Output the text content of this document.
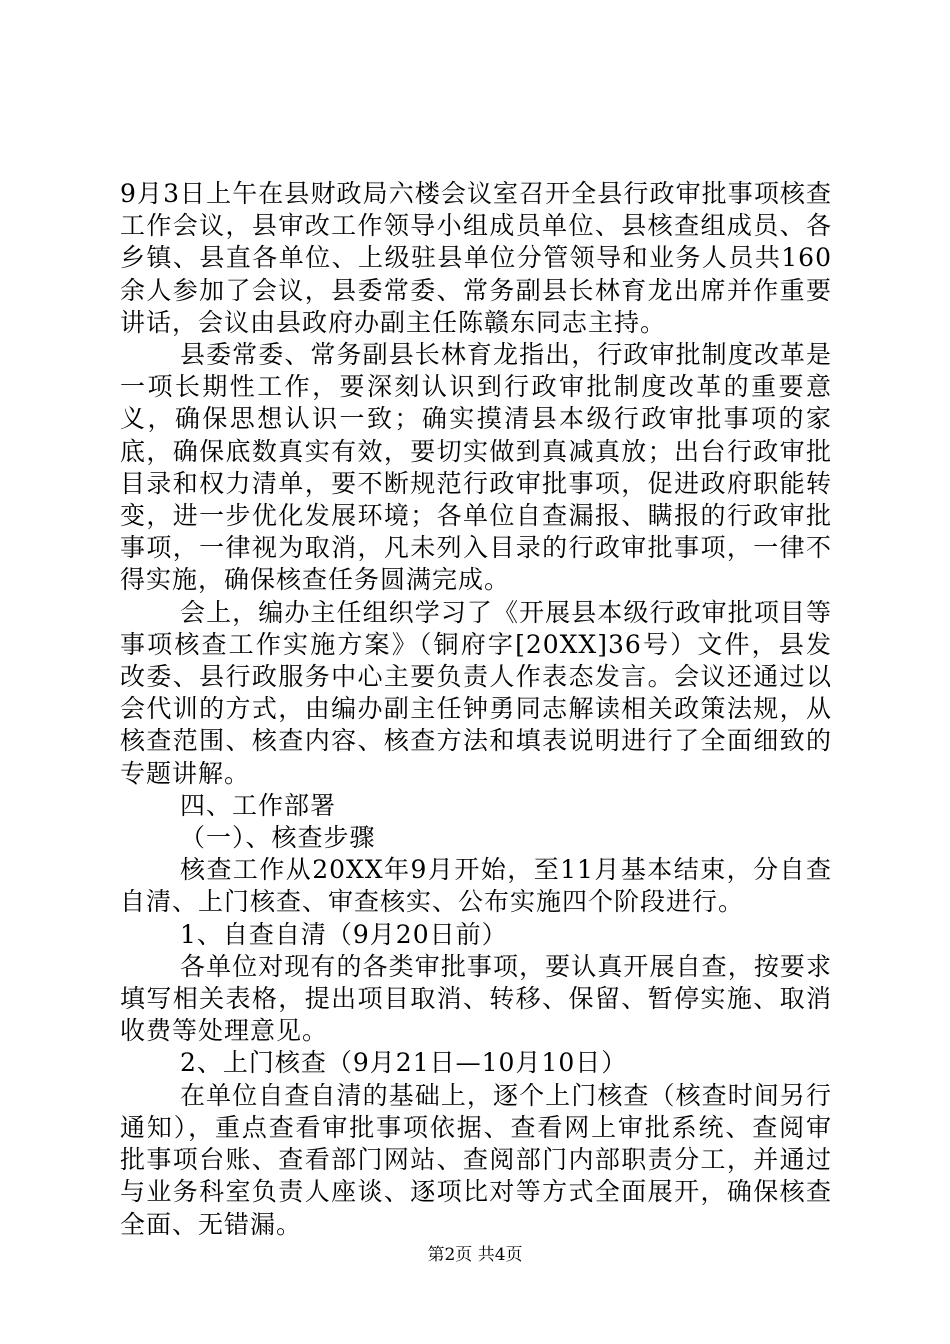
9月3日上午在县财政局六楼会议室召开全县行政审批事项核查工作会议，县审改工作领导小组成员单位、县核查组成员、各乡镇、县直各单位、上级驻县单位分管领导和业务人员共160余人参加了会议，县委常委、常务副县长林育龙出席并作重要讲话，会议由县政府办副主任陈赣东同志主持。

县委常委、常务副县长林育龙指出，行政审批制度改革是一项长期性工作，要深刻认识到行政审批制度改革的重要意义，确保思想认识一致；确实摸清县本级行政审批事项的家底，确保底数真实有效，要切实做到真减真放；出台行政审批目录和权力清单，要不断规范行政审批事项，促进政府职能转变，进一步优化发展环境；各单位自查漏报、瞒报的行政审批事项，一律视为取消，凡未列入目录的行政审批事项，一律不得实施，确保核查任务圆满完成。

会上，编办主任组织学习了《开展县本级行政审批项目等事项核查工作实施方案》（铜府字[20XX]36号）文件，县发改委、县行政服务中心主要负责人作表态发言。会议还通过以会代训的方式，由编办副主任钟勇同志解读相关政策法规，从核查范围、核查内容、核查方法和填表说明进行了全面细致的专题讲解。

四、工作部署

（一）、核查步骤

核查工作从20XX年9月开始，至11月基本结束，分自查自清、上门核查、审查核实、公布实施四个阶段进行。

1、自查自清（9月20日前）

各单位对现有的各类审批事项，要认真开展自查，按要求填写相关表格，提出项目取消、转移、保留、暂停实施、取消收费等处理意见。

2、上门核查（9月21日—10月10日）

在单位自查自清的基础上，逐个上门核查（核查时间另行通知），重点查看审批事项依据、查看网上审批系统、查阅审批事项台账、查看部门网站、查阅部门内部职责分工，并通过与业务科室负责人座谈、逐项比对等方式全面展开，确保核查全面、无错漏。

第2页 共4页
